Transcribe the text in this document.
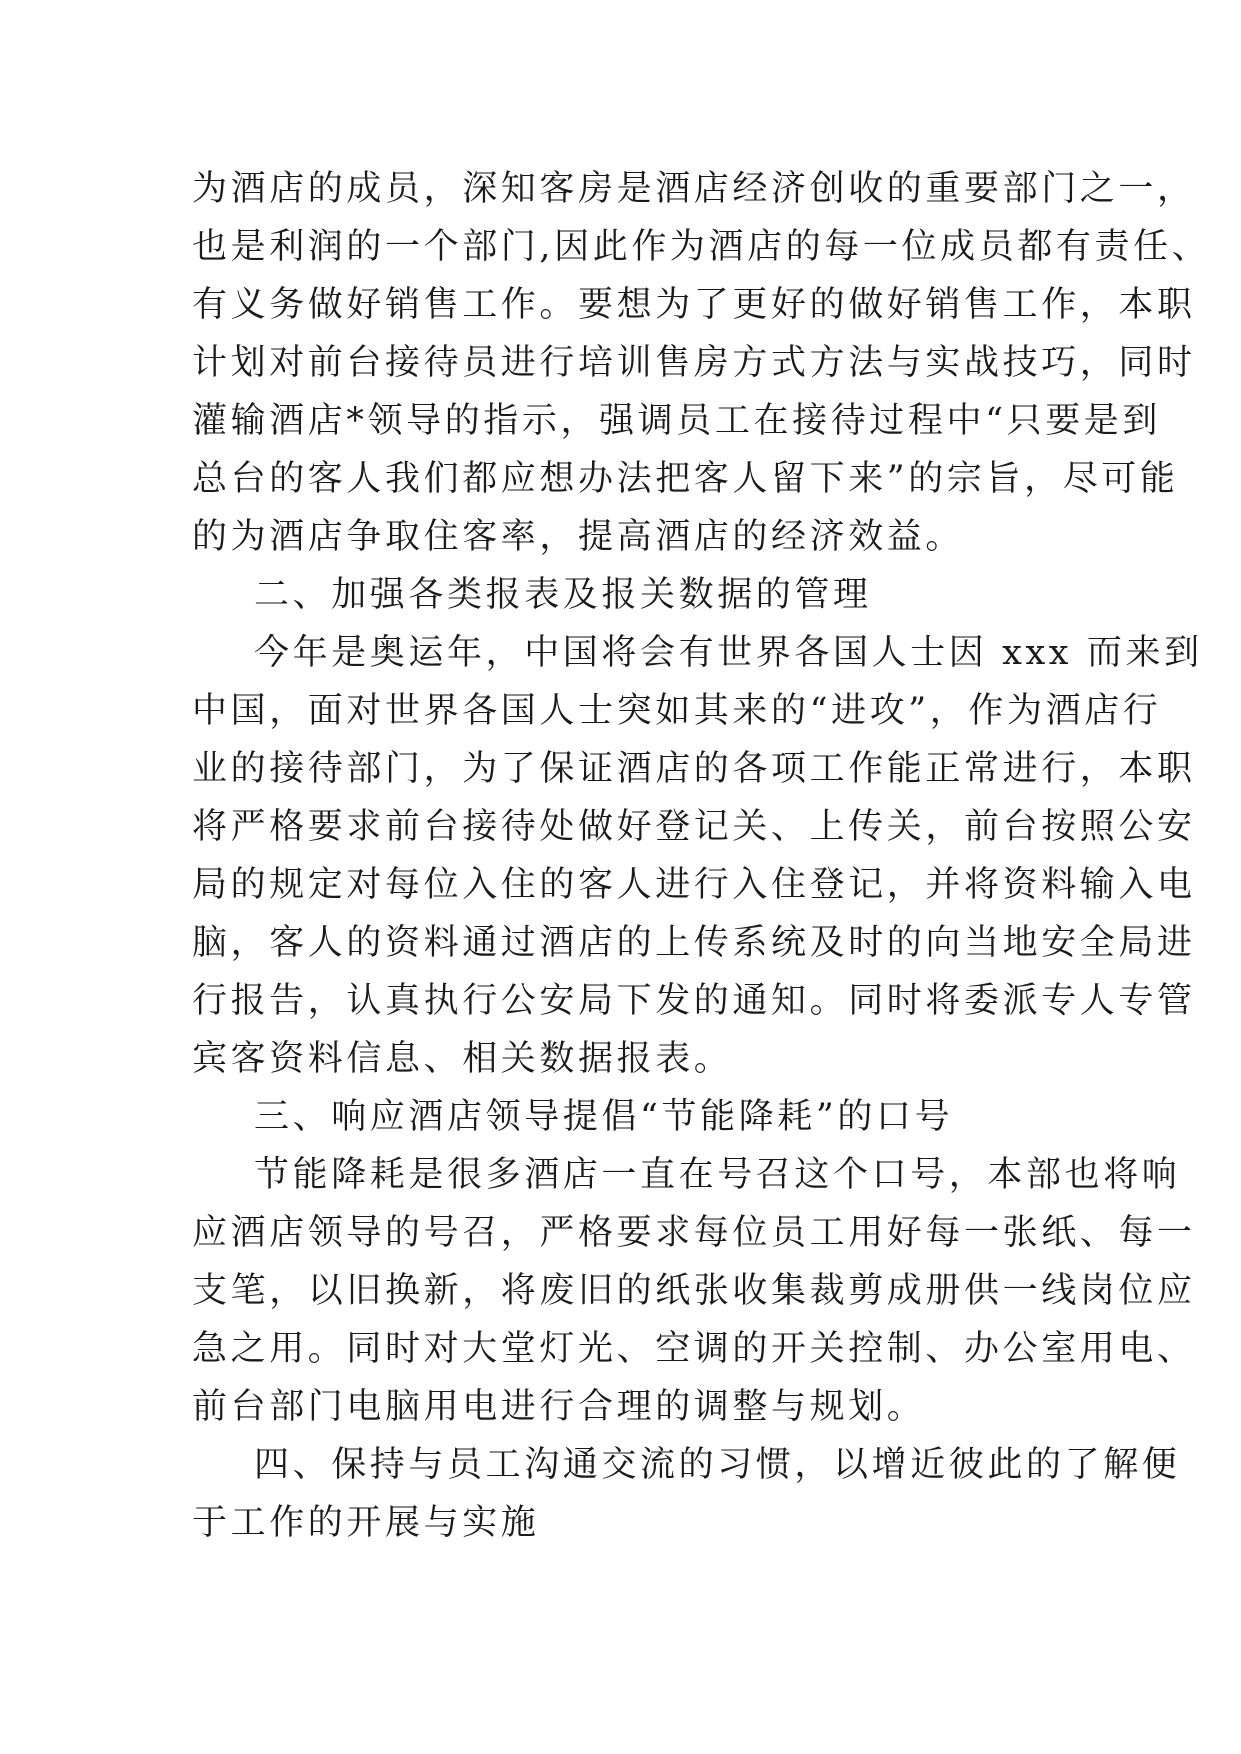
为酒店的成员，深知客房是酒店经济创收的重要部门之一，
也是利润的一个部门,因此作为酒店的每一位成员都有责任、
有义务做好销售工作。要想为了更好的做好销售工作，本职
计划对前台接待员进行培训售房方式方法与实战技巧，同时
灌输酒店*领导的指示，强调员工在接待过程中“只要是到
总台的客人我们都应想办法把客人留下来”的宗旨，尽可能
的为酒店争取住客率，提高酒店的经济效益。
二、加强各类报表及报关数据的管理
今年是奥运年，中国将会有世界各国人士因 xxx 而来到
中国，面对世界各国人士突如其来的“进攻”，作为酒店行
业的接待部门，为了保证酒店的各项工作能正常进行，本职
将严格要求前台接待处做好登记关、上传关，前台按照公安
局的规定对每位入住的客人进行入住登记，并将资料输入电
脑，客人的资料通过酒店的上传系统及时的向当地安全局进
行报告，认真执行公安局下发的通知。同时将委派专人专管
宾客资料信息、相关数据报表。
三、响应酒店领导提倡“节能降耗”的口号
节能降耗是很多酒店一直在号召这个口号，本部也将响
应酒店领导的号召，严格要求每位员工用好每一张纸、每一
支笔，以旧换新，将废旧的纸张收集裁剪成册供一线岗位应
急之用。同时对大堂灯光、空调的开关控制、办公室用电、
前台部门电脑用电进行合理的调整与规划。
四、保持与员工沟通交流的习惯，以增近彼此的了解便
于工作的开展与实施
